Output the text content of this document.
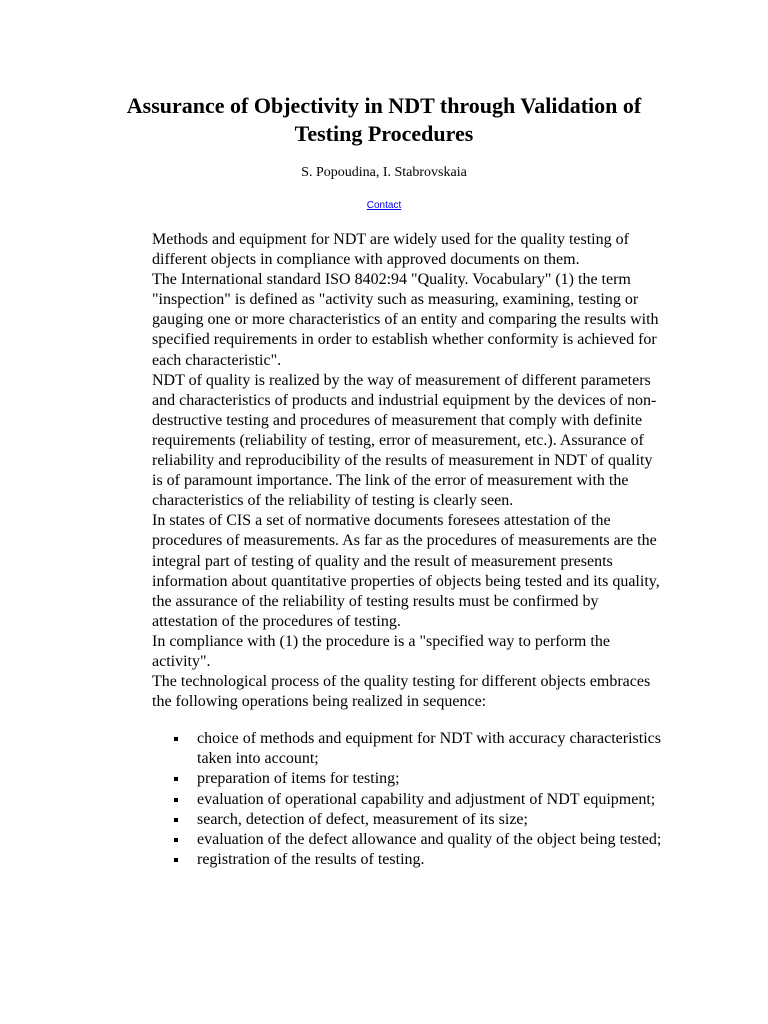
Assurance of Objectivity in NDT through Validation of Testing Procedures
S. Popoudina, I. Stabrovskaia
Contact

Methods and equipment for NDT are widely used for the quality testing of different objects in compliance with approved documents on them.

The International standard ISO 8402:94 "Quality. Vocabulary" (1) the term "inspection" is defined as "activity such as measuring, examining, testing or gauging one or more characteristics of an entity and comparing the results with specified requirements in order to establish whether conformity is achieved for each characteristic".

NDT of quality is realized by the way of measurement of different parameters and characteristics of products and industrial equipment by the devices of non-destructive testing and procedures of measurement that comply with definite requirements (reliability of testing, error of measurement, etc.). Assurance of reliability and reproducibility of the results of measurement in NDT of quality is of paramount importance. The link of the error of measurement with the characteristics of the reliability of testing is clearly seen.

In states of CIS a set of normative documents foresees attestation of the procedures of measurements. As far as the procedures of measurements are the integral part of testing of quality and the result of measurement presents information about quantitative properties of objects being tested and its quality, the assurance of the reliability of testing results must be confirmed by attestation of the procedures of testing.

In compliance with (1) the procedure is a "specified way to perform the activity".

The technological process of the quality testing for different objects embraces the following operations being realized in sequence:

choice of methods and equipment for NDT with accuracy characteristics taken into account;
preparation of items for testing;
evaluation of operational capability and adjustment of NDT equipment;
search, detection of defect, measurement of its size;
evaluation of the defect allowance and quality of the object being tested;
registration of the results of testing.
